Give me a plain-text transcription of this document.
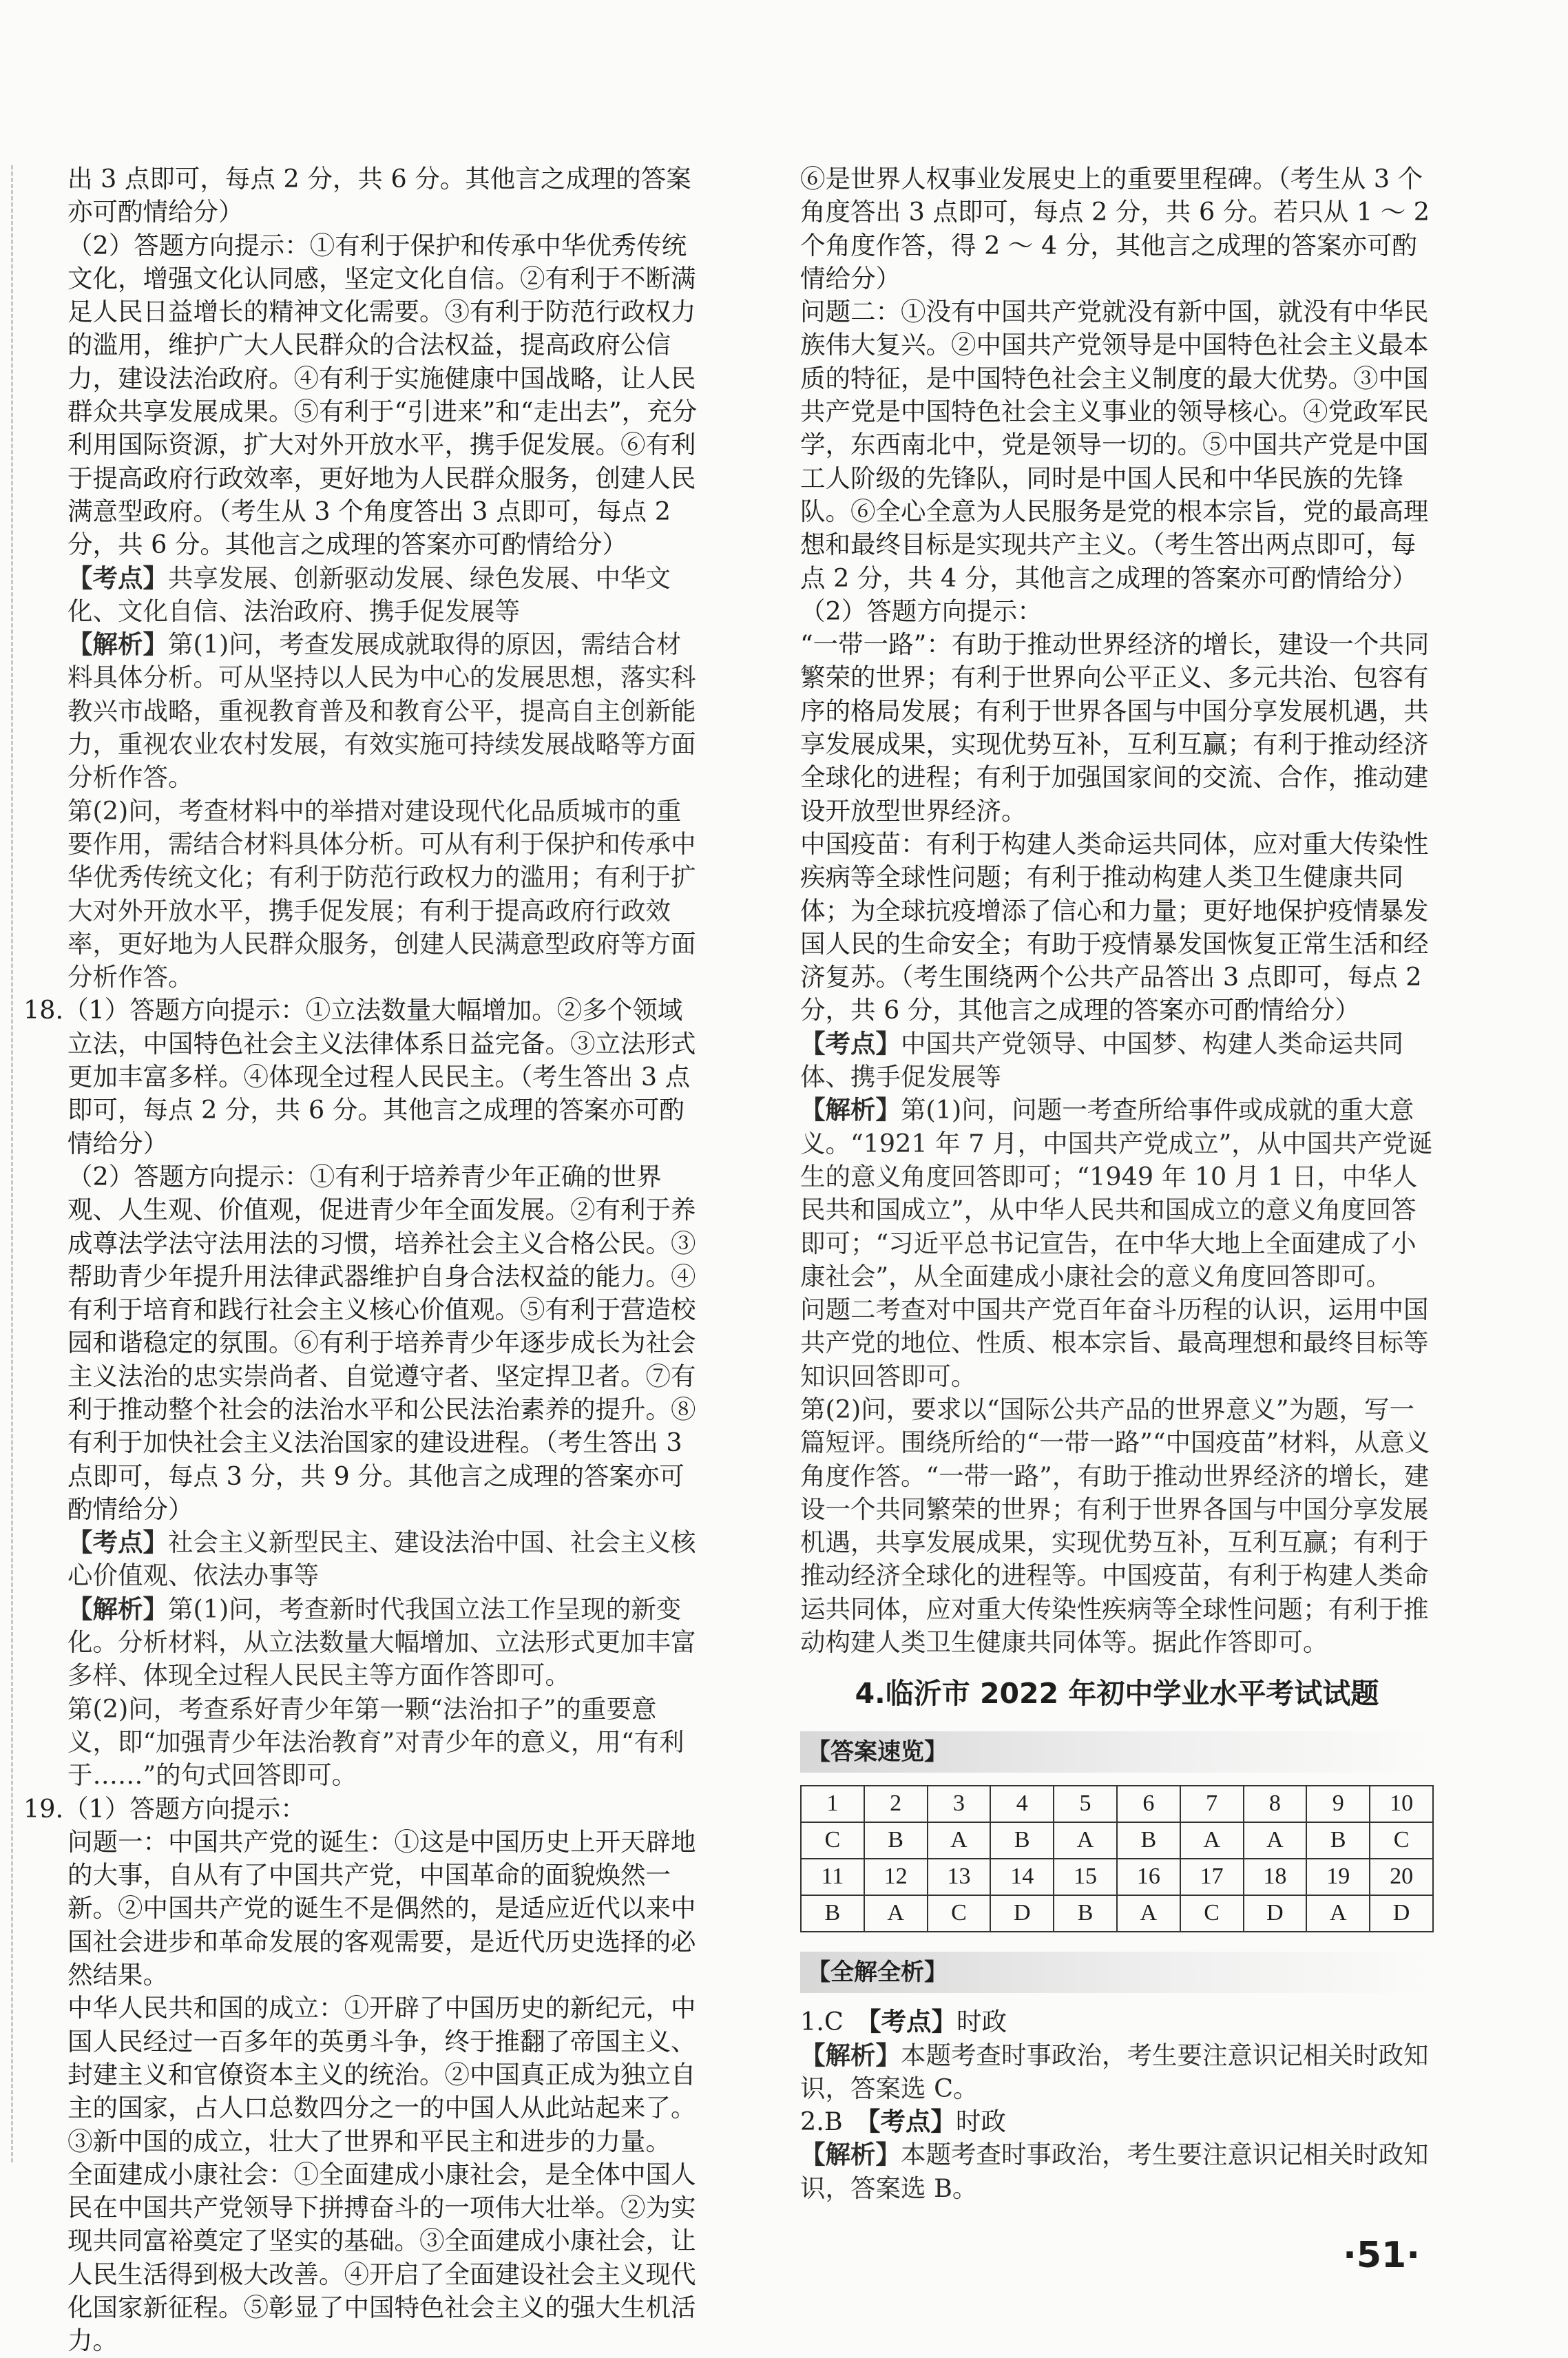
出 3 点即可，每点 2 分，共 6 分。其他言之成理的答案亦可酌情给分）

（2）答题方向提示：①有利于保护和传承中华优秀传统文化，增强文化认同感，坚定文化自信。②有利于不断满足人民日益增长的精神文化需要。③有利于防范行政权力的滥用，维护广大人民群众的合法权益，提高政府公信力，建设法治政府。④有利于实施健康中国战略，让人民群众共享发展成果。⑤有利于“引进来”和“走出去”，充分利用国际资源，扩大对外开放水平，携手促发展。⑥有利于提高政府行政效率，更好地为人民群众服务，创建人民满意型政府。（考生从 3 个角度答出 3 点即可，每点 2 分，共 6 分。其他言之成理的答案亦可酌情给分）

【考点】共享发展、创新驱动发展、绿色发展、中华文化、文化自信、法治政府、携手促发展等

【解析】第(1)问，考查发展成就取得的原因，需结合材料具体分析。可从坚持以人民为中心的发展思想，落实科教兴市战略，重视教育普及和教育公平，提高自主创新能力，重视农业农村发展，有效实施可持续发展战略等方面分析作答。

第(2)问，考查材料中的举措对建设现代化品质城市的重要作用，需结合材料具体分析。可从有利于保护和传承中华优秀传统文化；有利于防范行政权力的滥用；有利于扩大对外开放水平，携手促发展；有利于提高政府行政效率，更好地为人民群众服务，创建人民满意型政府等方面分析作答。

18.（1）答题方向提示：①立法数量大幅增加。②多个领域立法，中国特色社会主义法律体系日益完备。③立法形式更加丰富多样。④体现全过程人民民主。（考生答出 3 点即可，每点 2 分，共 6 分。其他言之成理的答案亦可酌情给分）

（2）答题方向提示：①有利于培养青少年正确的世界观、人生观、价值观，促进青少年全面发展。②有利于养成尊法学法守法用法的习惯，培养社会主义合格公民。③帮助青少年提升用法律武器维护自身合法权益的能力。④有利于培育和践行社会主义核心价值观。⑤有利于营造校园和谐稳定的氛围。⑥有利于培养青少年逐步成长为社会主义法治的忠实崇尚者、自觉遵守者、坚定捍卫者。⑦有利于推动整个社会的法治水平和公民法治素养的提升。⑧有利于加快社会主义法治国家的建设进程。（考生答出 3 点即可，每点 3 分，共 9 分。其他言之成理的答案亦可酌情给分）

【考点】社会主义新型民主、建设法治中国、社会主义核心价值观、依法办事等

【解析】第(1)问，考查新时代我国立法工作呈现的新变化。分析材料，从立法数量大幅增加、立法形式更加丰富多样、体现全过程人民民主等方面作答即可。

第(2)问，考查系好青少年第一颗“法治扣子”的重要意义，即“加强青少年法治教育”对青少年的意义，用“有利于……”的句式回答即可。

19.（1）答题方向提示：

问题一：中国共产党的诞生：①这是中国历史上开天辟地的大事，自从有了中国共产党，中国革命的面貌焕然一新。②中国共产党的诞生不是偶然的，是适应近代以来中国社会进步和革命发展的客观需要，是近代历史选择的必然结果。

中华人民共和国的成立：①开辟了中国历史的新纪元，中国人民经过一百多年的英勇斗争，终于推翻了帝国主义、封建主义和官僚资本主义的统治。②中国真正成为独立自主的国家，占人口总数四分之一的中国人从此站起来了。③新中国的成立，壮大了世界和平民主和进步的力量。

全面建成小康社会：①全面建成小康社会，是全体中国人民在中国共产党领导下拼搏奋斗的一项伟大壮举。②为实现共同富裕奠定了坚实的基础。③全面建成小康社会，让人民生活得到极大改善。④开启了全面建设社会主义现代化国家新征程。⑤彰显了中国特色社会主义的强大生机活力。

⑥是世界人权事业发展史上的重要里程碑。（考生从 3 个角度答出 3 点即可，每点 2 分，共 6 分。若只从 1 ～ 2 个角度作答，得 2 ～ 4 分，其他言之成理的答案亦可酌情给分）

问题二：①没有中国共产党就没有新中国，就没有中华民族伟大复兴。②中国共产党领导是中国特色社会主义最本质的特征，是中国特色社会主义制度的最大优势。③中国共产党是中国特色社会主义事业的领导核心。④党政军民学，东西南北中，党是领导一切的。⑤中国共产党是中国工人阶级的先锋队，同时是中国人民和中华民族的先锋队。⑥全心全意为人民服务是党的根本宗旨，党的最高理想和最终目标是实现共产主义。（考生答出两点即可，每点 2 分，共 4 分，其他言之成理的答案亦可酌情给分）

（2）答题方向提示：

“一带一路”：有助于推动世界经济的增长，建设一个共同繁荣的世界；有利于世界向公平正义、多元共治、包容有序的格局发展；有利于世界各国与中国分享发展机遇，共享发展成果，实现优势互补，互利互赢；有利于推动经济全球化的进程；有利于加强国家间的交流、合作，推动建设开放型世界经济。

中国疫苗：有利于构建人类命运共同体，应对重大传染性疾病等全球性问题；有利于推动构建人类卫生健康共同体；为全球抗疫增添了信心和力量；更好地保护疫情暴发国人民的生命安全；有助于疫情暴发国恢复正常生活和经济复苏。（考生围绕两个公共产品答出 3 点即可，每点 2 分，共 6 分，其他言之成理的答案亦可酌情给分）

【考点】中国共产党领导、中国梦、构建人类命运共同体、携手促发展等

【解析】第(1)问，问题一考查所给事件或成就的重大意义。“1921 年 7 月，中国共产党成立”，从中国共产党诞生的意义角度回答即可；“1949 年 10 月 1 日，中华人民共和国成立”，从中华人民共和国成立的意义角度回答即可；“习近平总书记宣告，在中华大地上全面建成了小康社会”，从全面建成小康社会的意义角度回答即可。

问题二考查对中国共产党百年奋斗历程的认识，运用中国共产党的地位、性质、根本宗旨、最高理想和最终目标等知识回答即可。

第(2)问，要求以“国际公共产品的世界意义”为题，写一篇短评。围绕所给的“一带一路”“中国疫苗”材料，从意义角度作答。“一带一路”，有助于推动世界经济的增长，建设一个共同繁荣的世界；有利于世界各国与中国分享发展机遇，共享发展成果，实现优势互补，互利互赢；有利于推动经济全球化的进程等。中国疫苗，有利于构建人类命运共同体，应对重大传染性疾病等全球性问题；有利于推动构建人类卫生健康共同体等。据此作答即可。

4.临沂市 2022 年初中学业水平考试试题
【答案速览】
1	2	3	4	5	6	7	8	9	10
C	B	A	B	A	B	A	A	B	C
11	12	13	14	15	16	17	18	19	20
B	A	C	D	B	A	C	D	A	D
【全解全析】

1.C　 【考点】时政

【解析】本题考查时事政治，考生要注意识记相关时政知识，答案选 C。

2.B　 【考点】时政

【解析】本题考查时事政治，考生要注意识记相关时政知识，答案选 B。

·51·
